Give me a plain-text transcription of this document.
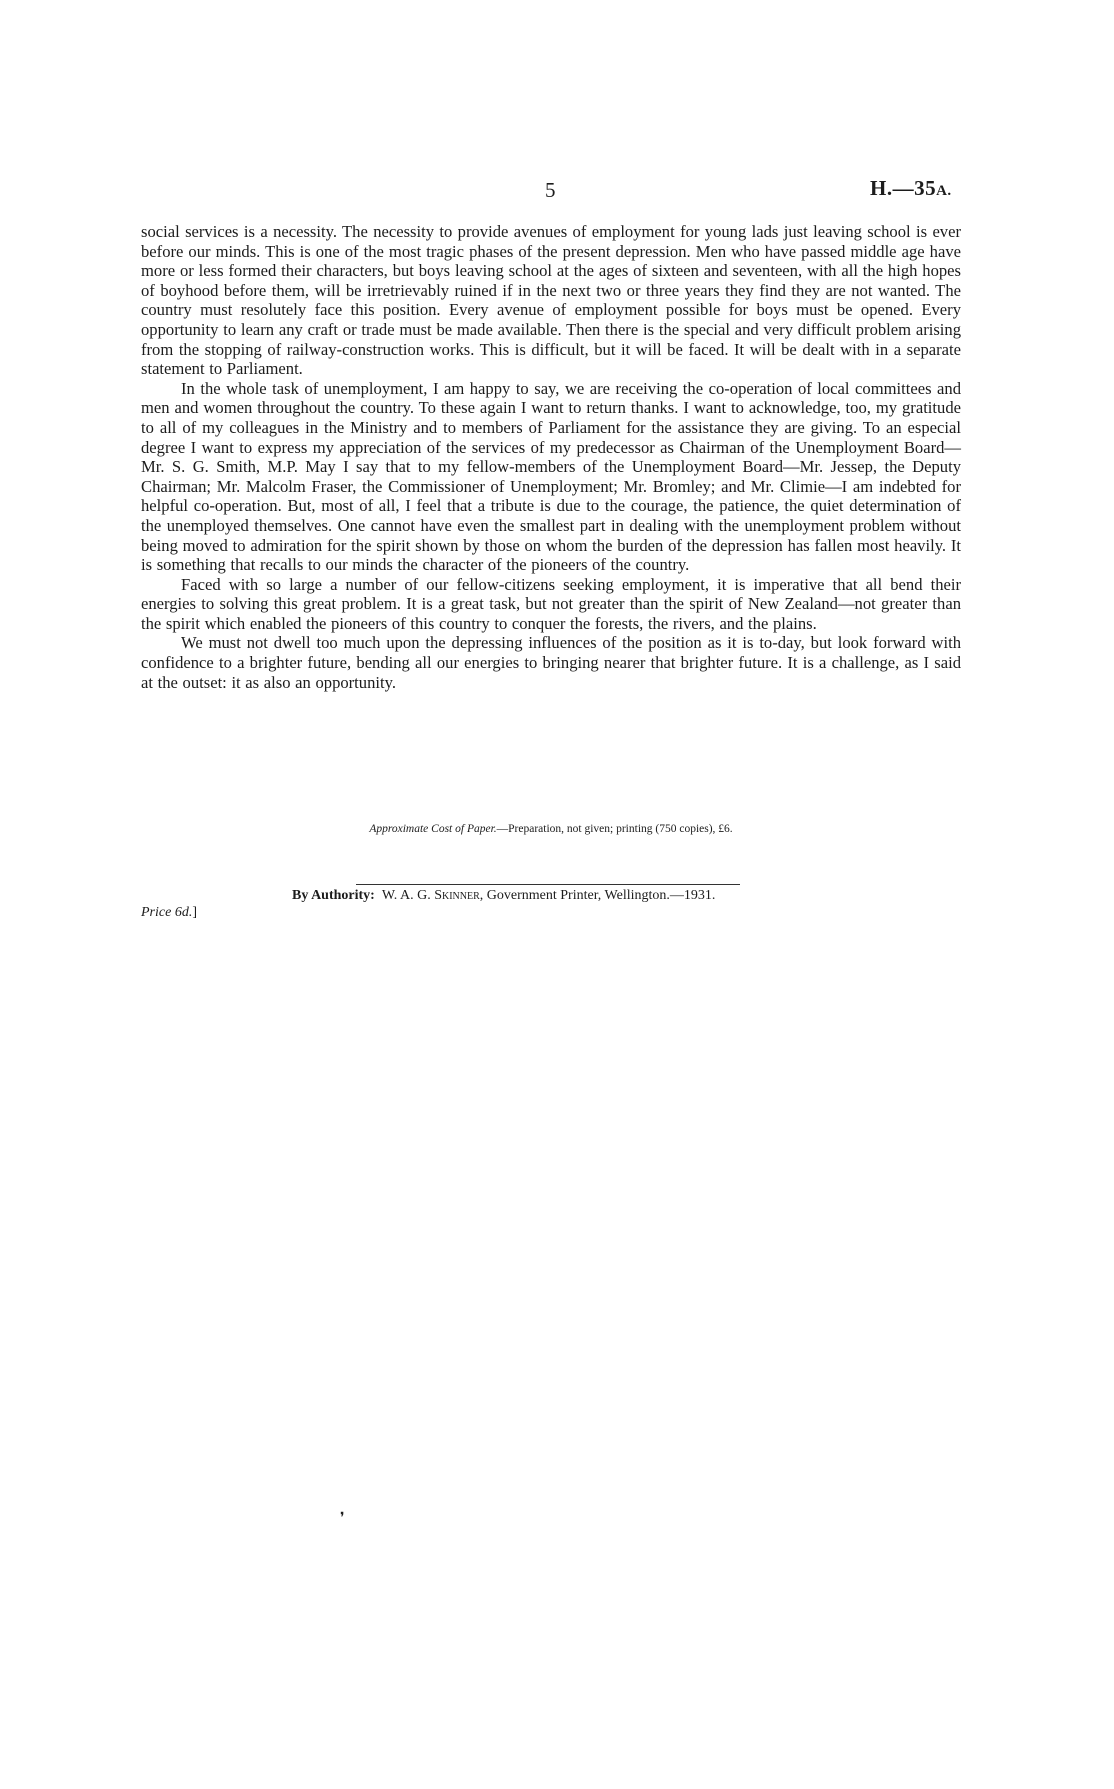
5	H.—35A.

social services is a necessity. The necessity to provide avenues of employment for young lads just leaving school is ever before our minds. This is one of the most tragic phases of the present depression. Men who have passed middle age have more or less formed their characters, but boys leaving school at the ages of sixteen and seventeen, with all the high hopes of boyhood before them, will be irretrievably ruined if in the next two or three years they find they are not wanted. The country must resolutely face this position. Every avenue of employment possible for boys must be opened. Every opportunity to learn any craft or trade must be made available. Then there is the special and very difficult problem arising from the stopping of railway-construction works. This is difficult, but it will be faced. It will be dealt with in a separate statement to Parliament.

In the whole task of unemployment, I am happy to say, we are receiving the co-operation of local committees and men and women throughout the country. To these again I want to return thanks. I want to acknowledge, too, my gratitude to all of my colleagues in the Ministry and to members of Parliament for the assistance they are giving. To an especial degree I want to express my appreciation of the services of my predecessor as Chairman of the Unemployment Board—Mr. S. G. Smith, M.P. May I say that to my fellow-members of the Unemployment Board—Mr. Jessep, the Deputy Chairman; Mr. Malcolm Fraser, the Commissioner of Unemployment; Mr. Bromley; and Mr. Climie—I am indebted for helpful co-operation. But, most of all, I feel that a tribute is due to the courage, the patience, the quiet determination of the unemployed themselves. One cannot have even the smallest part in dealing with the unemployment problem without being moved to admiration for the spirit shown by those on whom the burden of the depression has fallen most heavily. It is something that recalls to our minds the character of the pioneers of the country.

Faced with so large a number of our fellow-citizens seeking employment, it is imperative that all bend their energies to solving this great problem. It is a great task, but not greater than the spirit of New Zealand—not greater than the spirit which enabled the pioneers of this country to conquer the forests, the rivers, and the plains.

We must not dwell too much upon the depressing influences of the position as it is to-day, but look forward with confidence to a brighter future, bending all our energies to bringing nearer that brighter future. It is a challenge, as I said at the outset: it as also an opportunity.

Approximate Cost of Paper.—Preparation, not given; printing (750 copies), £6.
Price 6d.]
By Authority: W. A. G. Skinner, Government Printer, Wellington.—1931.
❜
